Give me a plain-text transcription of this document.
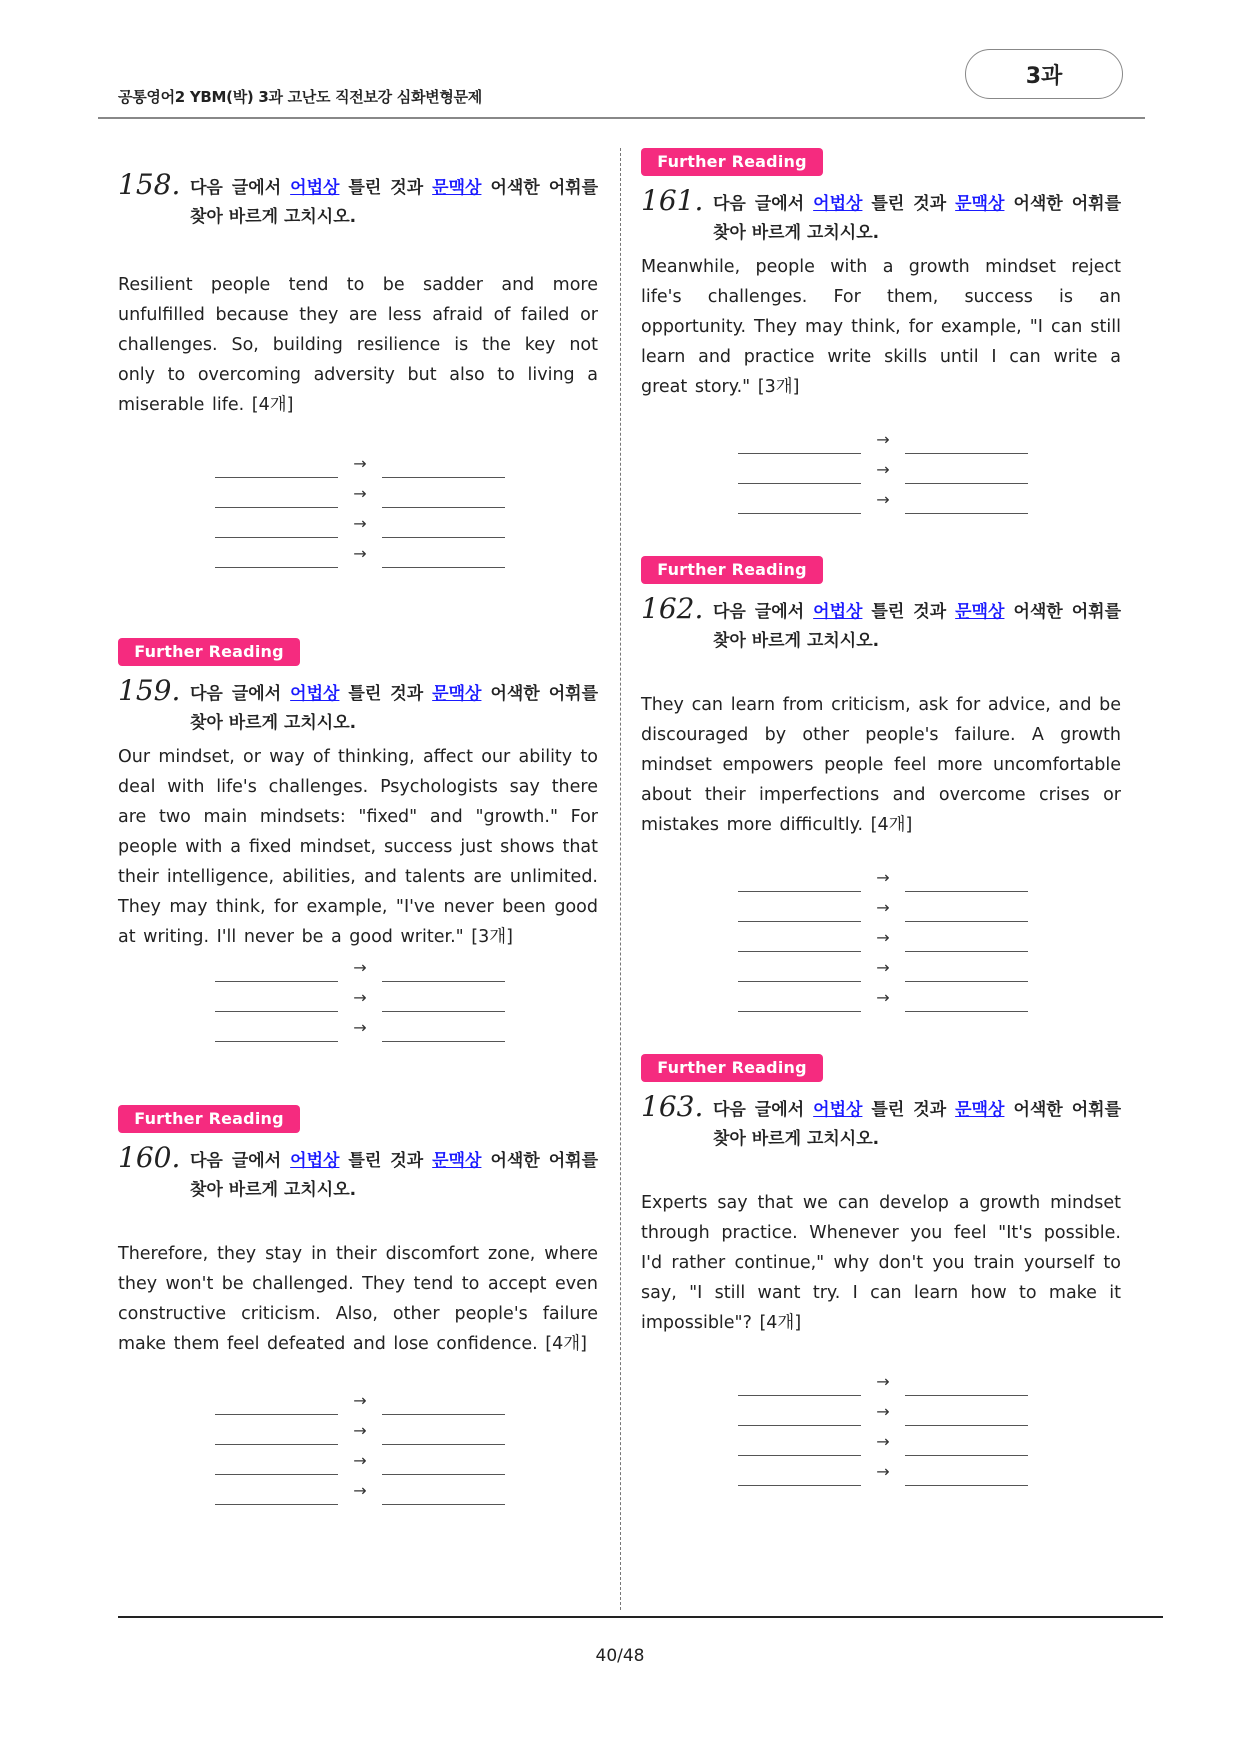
공통영어2 YBM(박) 3과 고난도 직전보강 심화변형문제
3과
158. 다음 글에서 어법상 틀린 것과 문맥상 어색한 어휘를 찾아 바르게 고치시오.

Resilient people tend to be sadder and more unfulfilled because they are less afraid of failed or challenges. So, building resilience is the key not only to overcoming adversity but also to living a miserable life. [4개]

→
→
→
→
Further Reading
159. 다음 글에서 어법상 틀린 것과 문맥상 어색한 어휘를 찾아 바르게 고치시오.

Our mindset, or way of thinking, affect our ability to deal with life's challenges. Psychologists say there are two main mindsets: "fixed" and "growth." For people with a fixed mindset, success just shows that their intelligence, abilities, and talents are unlimited. They may think, for example, "I've never been good at writing. I'll never be a good writer." [3개]

→
→
→
Further Reading
160. 다음 글에서 어법상 틀린 것과 문맥상 어색한 어휘를 찾아 바르게 고치시오.

Therefore, they stay in their discomfort zone, where they won't be challenged. They tend to accept even constructive criticism. Also, other people's failure make them feel defeated and lose confidence. [4개]

→
→
→
→
Further Reading
161. 다음 글에서 어법상 틀린 것과 문맥상 어색한 어휘를 찾아 바르게 고치시오.

Meanwhile, people with a growth mindset reject life's challenges. For them, success is an opportunity. They may think, for example, "I can still learn and practice write skills until I can write a great story." [3개]

→
→
→
Further Reading
162. 다음 글에서 어법상 틀린 것과 문맥상 어색한 어휘를 찾아 바르게 고치시오.

They can learn from criticism, ask for advice, and be discouraged by other people's failure. A growth mindset empowers people feel more uncomfortable about their imperfections and overcome crises or mistakes more difficultly. [4개]

→
→
→
→
→
Further Reading
163. 다음 글에서 어법상 틀린 것과 문맥상 어색한 어휘를 찾아 바르게 고치시오.

Experts say that we can develop a growth mindset through practice. Whenever you feel "It's possible. I'd rather continue," why don't you train yourself to say, "I still want try. I can learn how to make it impossible"? [4개]

→
→
→
→
40/48
